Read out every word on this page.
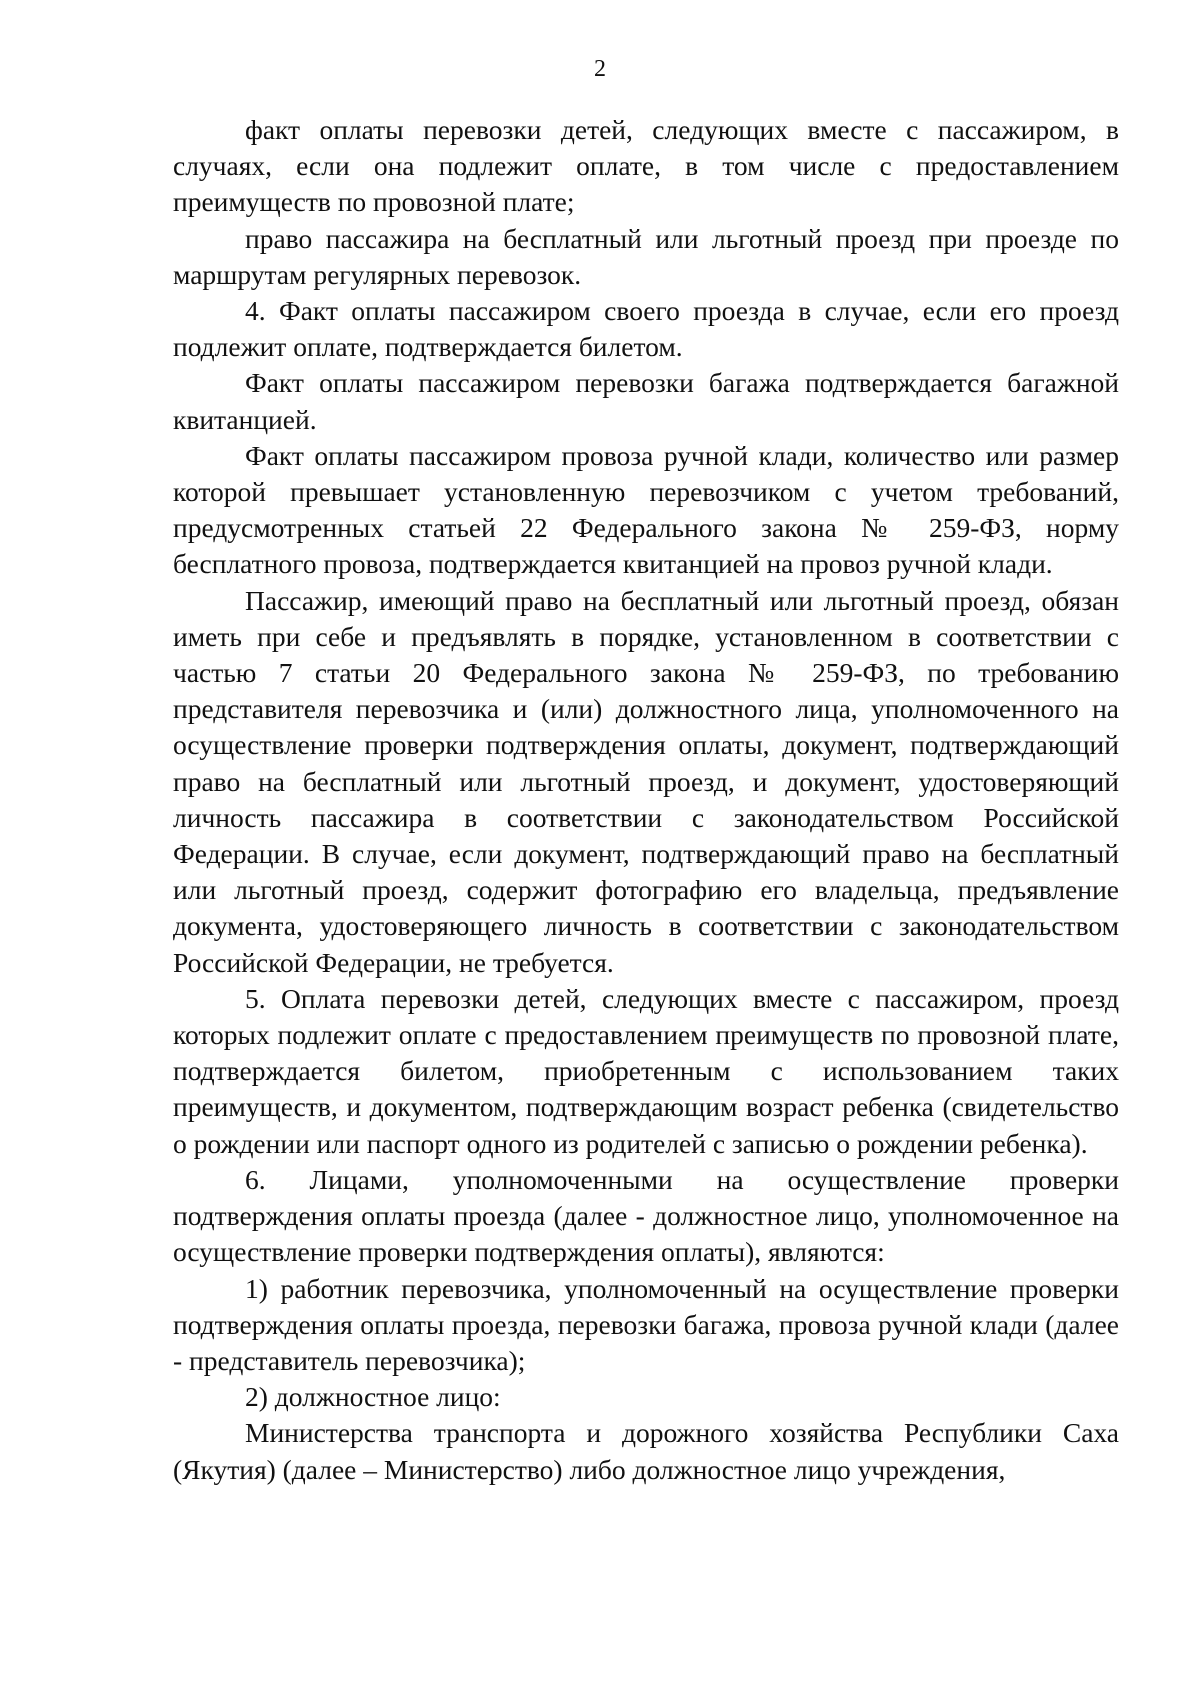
2

факт оплаты перевозки детей, следующих вместе с пассажиром, в случаях, если она подлежит оплате, в том числе с предоставлением преимуществ по провозной плате;

право пассажира на бесплатный или льготный проезд при проезде по маршрутам регулярных перевозок.

4. Факт оплаты пассажиром своего проезда в случае, если его проезд подлежит оплате, подтверждается билетом.

Факт оплаты пассажиром перевозки багажа подтверждается багажной квитанцией.

Факт оплаты пассажиром провоза ручной клади, количество или размер которой превышает установленную перевозчиком с учетом требований, предусмотренных статьей 22 Федерального закона № 259-ФЗ, норму бесплатного провоза, подтверждается квитанцией на провоз ручной клади.

Пассажир, имеющий право на бесплатный или льготный проезд, обязан иметь при себе и предъявлять в порядке, установленном в соответствии с частью 7 статьи 20 Федерального закона № 259-ФЗ, по требованию представителя перевозчика и (или) должностного лица, уполномоченного на осуществление проверки подтверждения оплаты, документ, подтверждающий право на бесплатный или льготный проезд, и документ, удостоверяющий личность пассажира в соответствии с законодательством Российской Федерации. В случае, если документ, подтверждающий право на бесплатный или льготный проезд, содержит фотографию его владельца, предъявление документа, удостоверяющего личность в соответствии с законодательством Российской Федерации, не требуется.

5. Оплата перевозки детей, следующих вместе с пассажиром, проезд которых подлежит оплате с предоставлением преимуществ по провозной плате, подтверждается билетом, приобретенным с использованием таких преимуществ, и документом, подтверждающим возраст ребенка (свидетельство о рождении или паспорт одного из родителей с записью о рождении ребенка).

6. Лицами, уполномоченными на осуществление проверки подтверждения оплаты проезда (далее - должностное лицо, уполномоченное на осуществление проверки подтверждения оплаты), являются:

1) работник перевозчика, уполномоченный на осуществление проверки подтверждения оплаты проезда, перевозки багажа, провоза ручной клади (далее - представитель перевозчика);

2) должностное лицо:

Министерства транспорта и дорожного хозяйства Республики Саха (Якутия) (далее – Министерство) либо должностное лицо учреждения,
